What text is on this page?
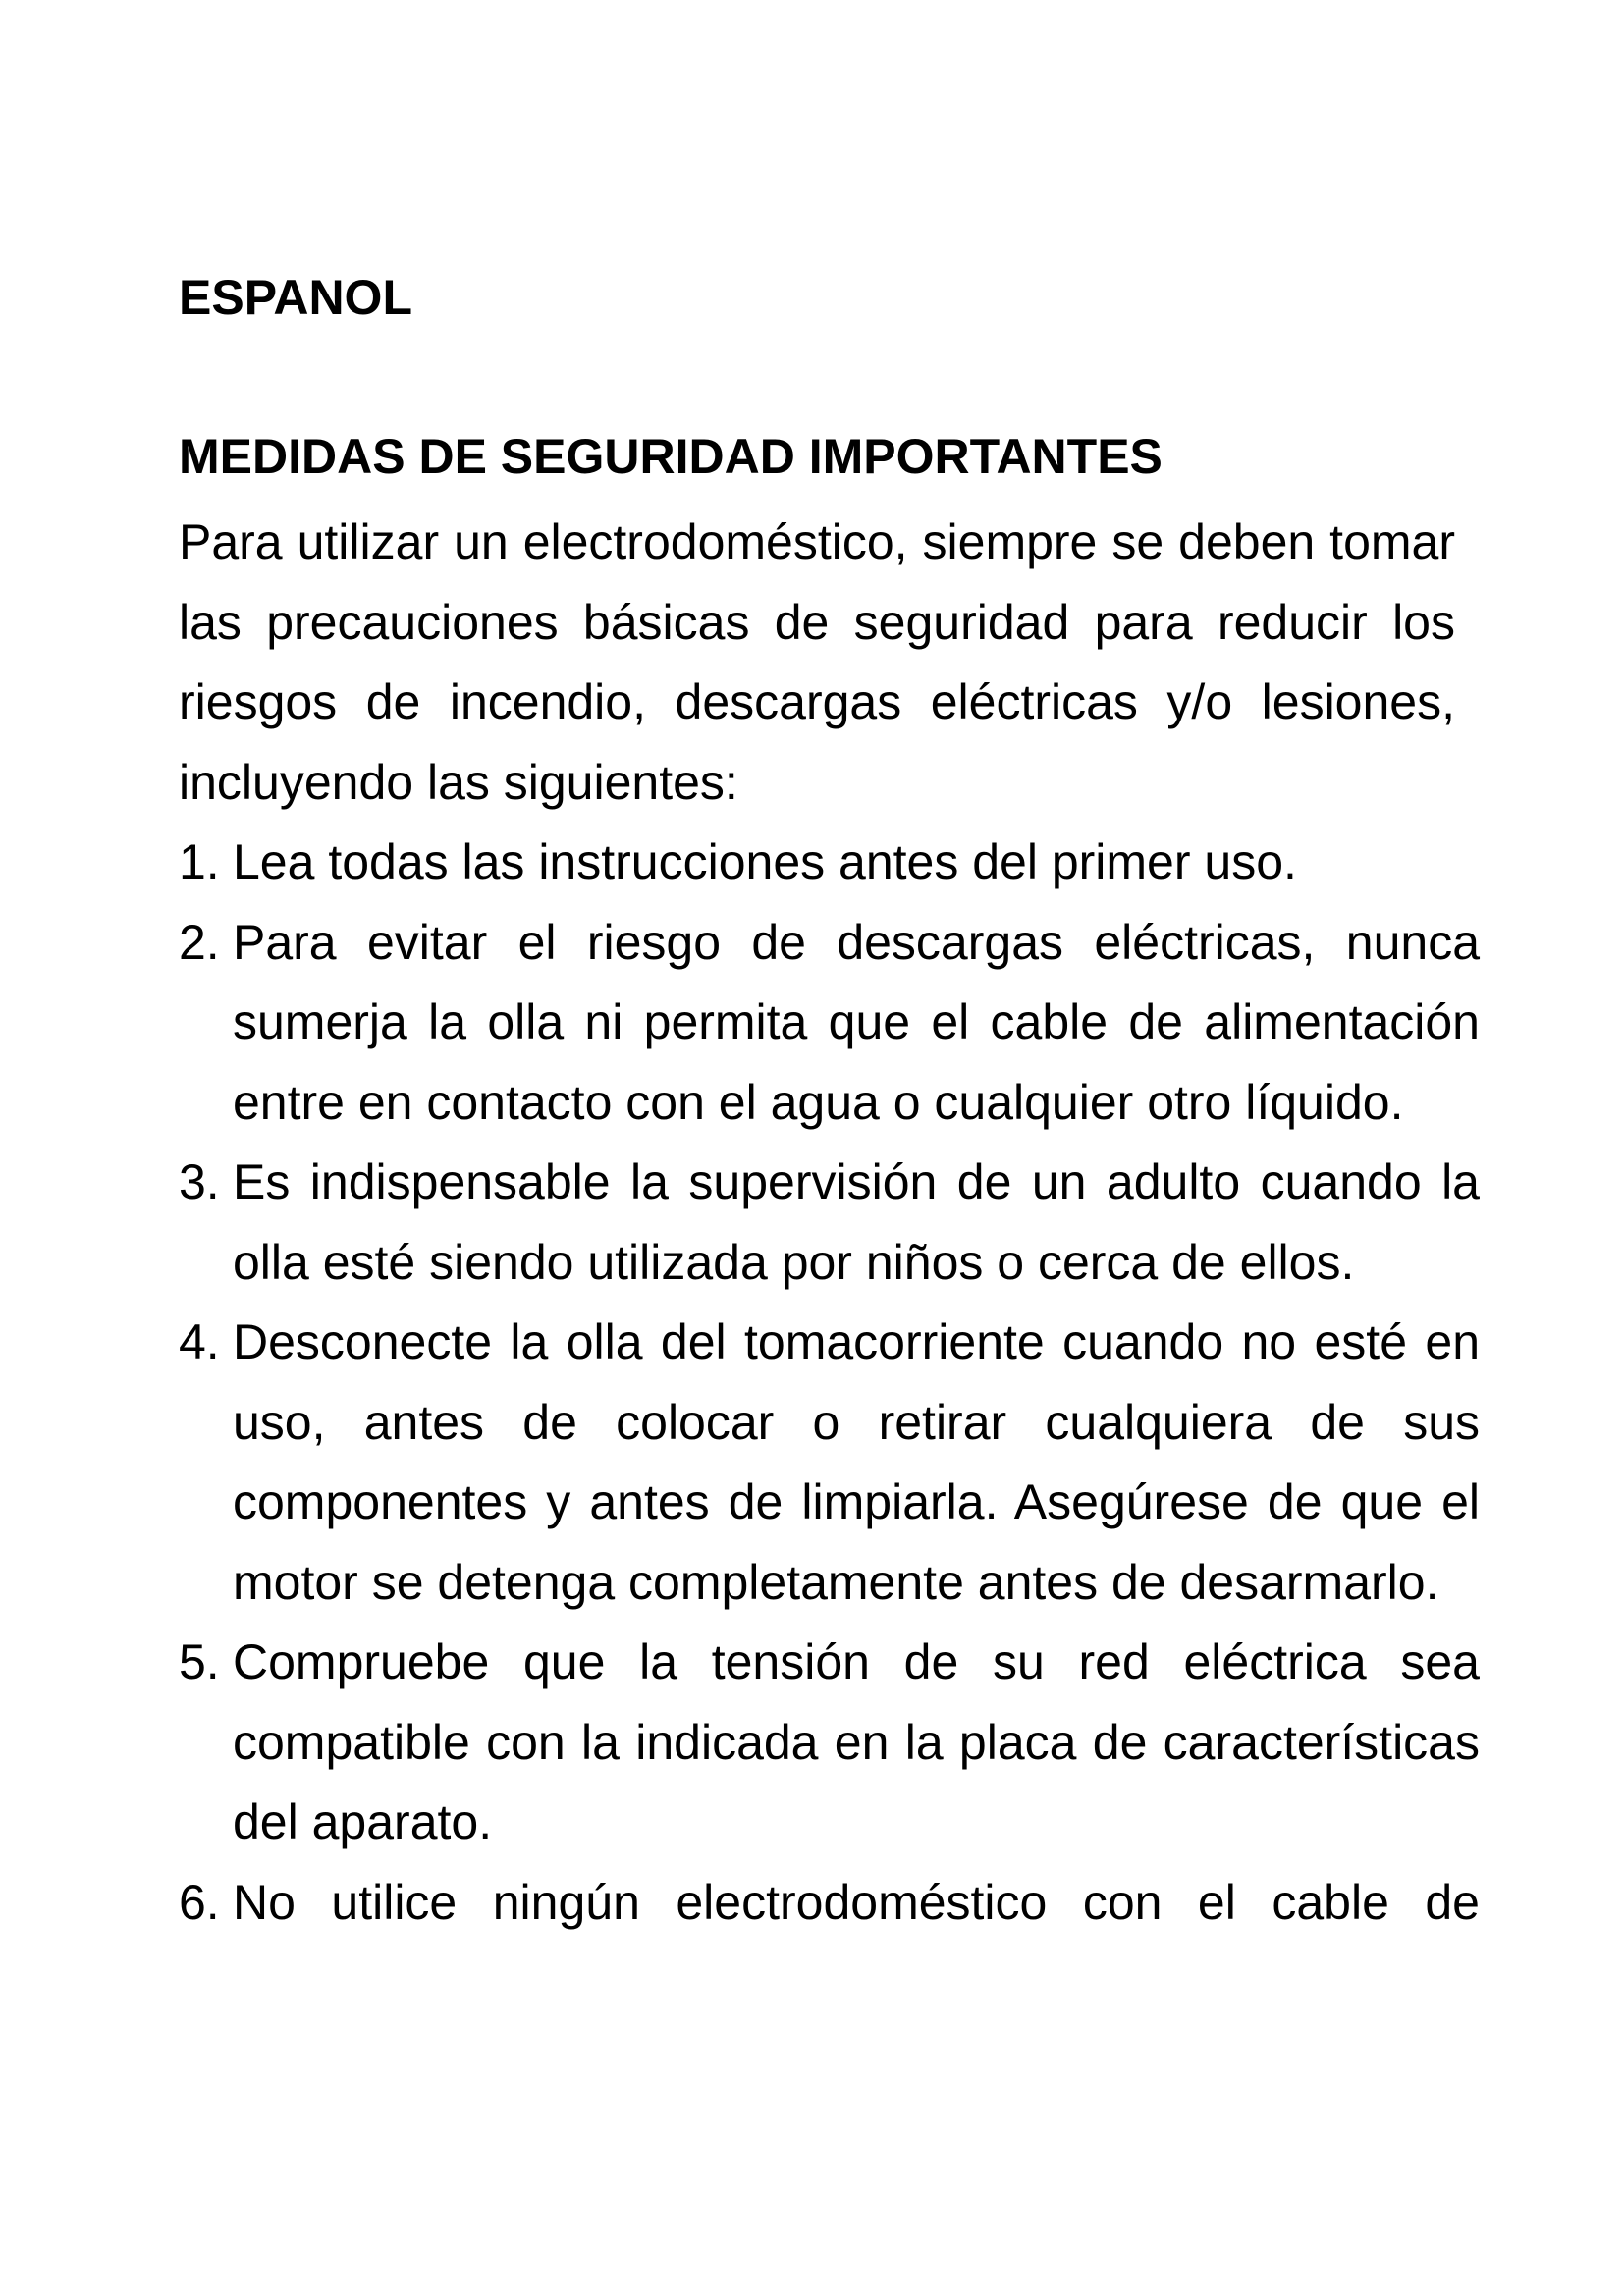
ESPANOL
MEDIDAS DE SEGURIDAD IMPORTANTES

Para utilizar un electrodoméstico, siempre se deben tomar las precauciones básicas de seguridad para reducir los riesgos de incendio, descargas eléctricas y/o lesiones, incluyendo las siguientes:

1. Lea todas las instrucciones antes del primer uso.
2. Para evitar el riesgo de descargas eléctricas, nunca sumerja la olla ni permita que el cable de alimentación entre en contacto con el agua o cualquier otro líquido.
3. Es indispensable la supervisión de un adulto cuando la olla esté siendo utilizada por niños o cerca de ellos.
4. Desconecte la olla del tomacorriente cuando no esté en uso, antes de colocar o retirar cualquiera de sus componentes y antes de limpiarla. Asegúrese de que el motor se detenga completamente antes de desarmarlo.
5. Compruebe que la tensión de su red eléctrica sea compatible con la indicada en la placa de características del aparato.
6. No utilice ningún electrodoméstico con el cable de
